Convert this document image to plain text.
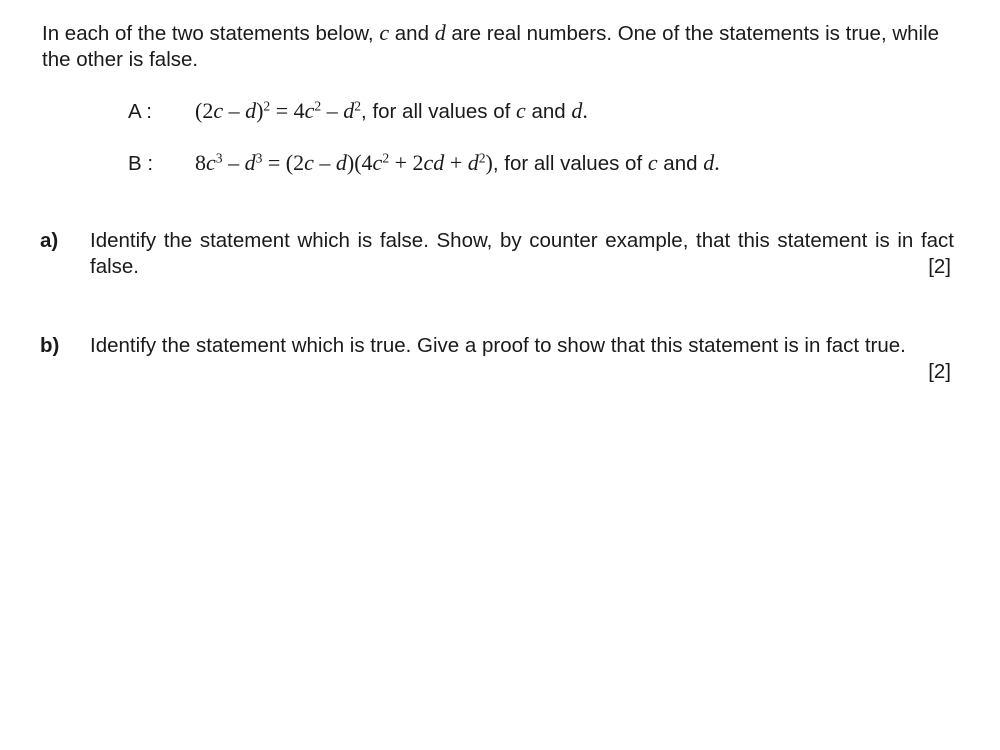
In each of the two statements below, c and d are real numbers. One of the statements is true, while the other is false.

A : $(2c - d)^2 = 4c^2 - d^2$, for all values of c and d.
B : $8c^3 - d^3 = (2c - d)(4c^2 + 2cd + d^2)$, for all values of c and d.
a) Identify the statement which is false. Show, by counter example, that this statement is in fact false.	[2]
b) Identify the statement which is true. Give a proof to show that this statement is in fact true.
[2]
